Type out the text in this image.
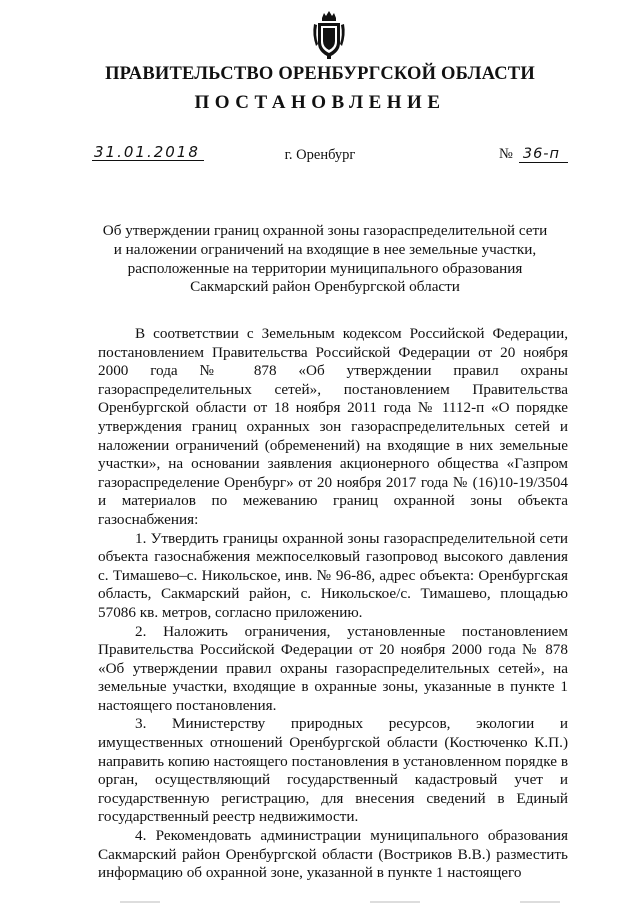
ПРАВИТЕЛЬСТВО ОРЕНБУРГСКОЙ ОБЛАСТИ
ПОСТАНОВЛЕНИЕ
31.01.2018	г. Оренбург	№ 36-п
Об утверждении границ охранной зоны газораспределительной сети
и наложении ограничений на входящие в нее земельные участки,
расположенные на территории муниципального образования
Сакмарский район Оренбургской области

В соответствии с Земельным кодексом Российской Федерации, постановлением Правительства Российской Федерации от 20 ноября 2000 года № 878 «Об утверждении правил охраны газораспределительных сетей», постановлением Правительства Оренбургской области от 18 ноября 2011 года № 1112-п «О порядке утверждения границ охранных зон газораспределительных сетей и наложении ограничений (обременений) на входящие в них земельные участки», на основании заявления акционерного общества «Газпром газораспределение Оренбург» от 20 ноября 2017 года № (16)10-19/3504 и материалов по межеванию границ охранной зоны объекта газоснабжения:

1. Утвердить границы охранной зоны газораспределительной сети объекта газоснабжения межпоселковый газопровод высокого давления с. Тимашево–с. Никольское, инв. № 96-86, адрес объекта: Оренбургская область, Сакмарский район, с. Никольское/с. Тимашево, площадью 57086 кв. метров, согласно приложению.

2. Наложить ограничения, установленные постановлением Правительства Российской Федерации от 20 ноября 2000 года № 878 «Об утверждении правил охраны газораспределительных сетей», на земельные участки, входящие в охранные зоны, указанные в пункте 1 настоящего постановления.

3. Министерству природных ресурсов, экологии и имущественных отношений Оренбургской области (Костюченко К.П.) направить копию настоящего постановления в установленном порядке в орган, осуществляющий государственный кадастровый учет и государственную регистрацию, для внесения сведений в Единый государственный реестр недвижимости.

4. Рекомендовать администрации муниципального образования Сакмарский район Оренбургской области (Востриков В.В.) разместить информацию об охранной зоне, указанной в пункте 1 настоящего
